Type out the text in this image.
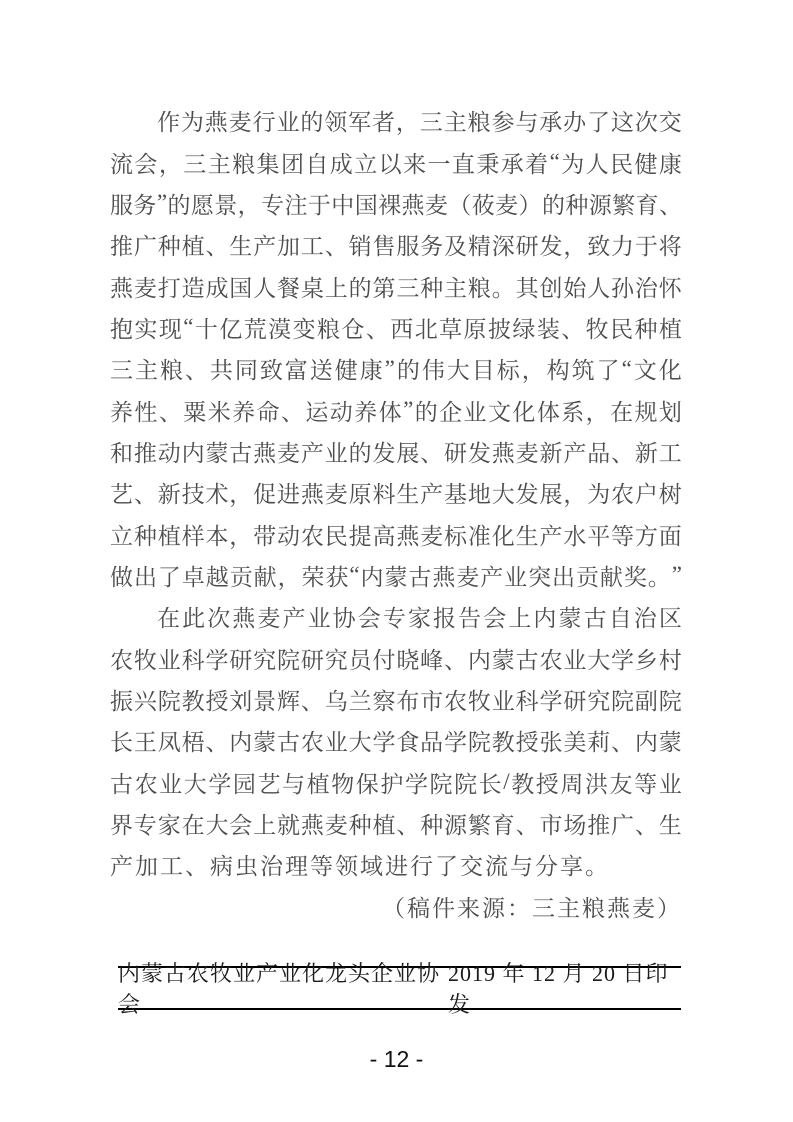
作 为 燕 麦 行 业 的 领 军 者 ， 三 主 粮 参 与 承 办 了 这 次 交
流 会 ， 三 主 粮 集 团 自 成 立 以 来 一 直 秉 承 着 “ 为 人 民 健 康
服 务 ” 的 愿 景 ， 专 注 于 中 国 裸 燕 麦 （ 莜 麦 ） 的 种 源 繁 育 、
推 广 种 植 、 生 产 加 工 、 销 售 服 务 及 精 深 研 发 ， 致 力 于 将
燕 麦 打 造 成 国 人 餐 桌 上 的 第 三 种 主 粮 。 其 创 始 人 孙 治 怀
抱 实 现 “ 十 亿 荒 漠 变 粮 仓 、 西 北 草 原 披 绿 装 、 牧 民 种 植
三 主 粮 、 共 同 致 富 送 健 康 ” 的 伟 大 目 标 ， 构 筑 了 “ 文 化
养 性 、 粟 米 养 命 、 运 动 养 体 ” 的 企 业 文 化 体 系 ， 在 规 划
和 推 动 内 蒙 古 燕 麦 产 业 的 发 展 、 研 发 燕 麦 新 产 品 、 新 工
艺 、 新 技 术 ， 促 进 燕 麦 原 料 生 产 基 地 大 发 展 ， 为 农 户 树
立 种 植 样 本 ， 带 动 农 民 提 高 燕 麦 标 准 化 生 产 水 平 等 方 面
做 出 了 卓 越 贡 献 ， 荣 获 “ 内 蒙 古 燕 麦 产 业 突 出 贡 献 奖 。 ”
在 此 次 燕 麦 产 业 协 会 专 家 报 告 会 上 内 蒙 古 自 治 区
农 牧 业 科 学 研 究 院 研 究 员 付 晓 峰 、 内 蒙 古 农 业 大 学 乡 村
振 兴 院 教 授 刘 景 辉 、 乌 兰 察 布 市 农 牧 业 科 学 研 究 院 副 院
长 王 凤 梧 、 内 蒙 古 农 业 大 学 食 品 学 院 教 授 张 美 莉 、 内 蒙
古 农 业 大 学 园 艺 与 植 物 保 护 学 院 院 长 / 教 授 周 洪 友 等 业
界 专 家 在 大 会 上 就 燕 麦 种 植 、 种 源 繁 育 、 市 场 推 广 、 生
产加工、病虫治理等领域进行了交流与分享。
（稿件来源：三主粮燕麦）
内蒙古农牧业产业化龙头企业协会
2019 年 12 月 20 日印发
- 12 -
